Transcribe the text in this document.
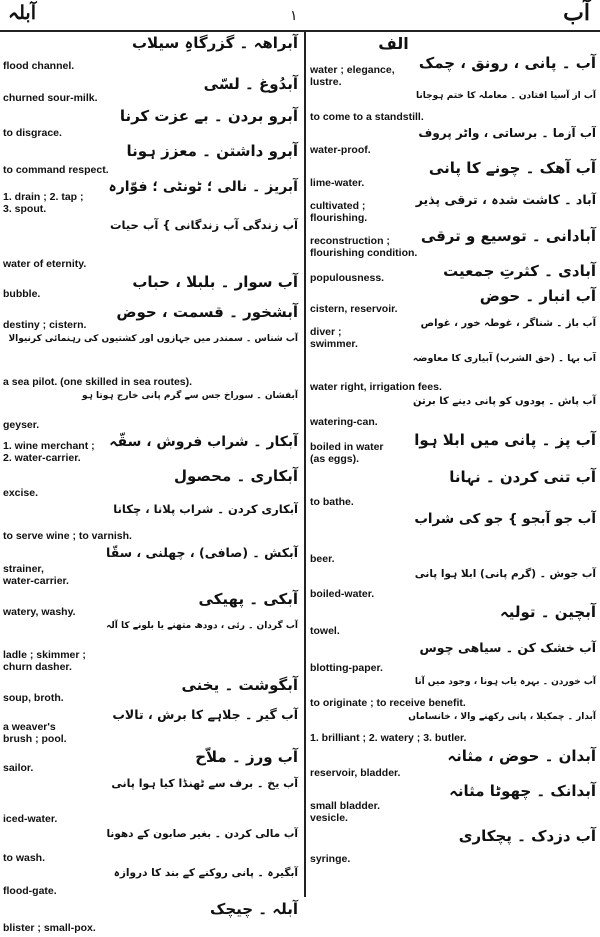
آبلہ	۱	آب
آبراھہ ۔ گزرگاہِ سیلاب
flood channel.
آبدُوغ ۔ لسّی
churned sour-milk.
آبرو بردن ۔ بے عزت کرنا
to disgrace.
آبرو داشتن ۔ معزز ہونا
to command respect.
آبریز ۔ نالی ؛ ٹونٹی ؛ فوّارہ
1. drain ; 2. tap ;
3. spout.
آب زندگی آب زندگانی } آب حیات
water of eternity.
آب سوار ۔ بلبلا ، حباب
bubble.
آبشخور ۔ قسمت ، حوض
destiny ; cistern.
آب شناس ۔ سمندر میں جہازوں اور کشتیوں کی رہنمائی کرنیوالا
a sea pilot. (one skilled in sea routes).
آبفشان ۔ سوراخ جس سے گرم پانی خارج ہوتا ہو
geyser.
آبکار ۔ شراب فروش ، سقّہ
1. wine merchant ;
2. water-carrier.
آبکاری ۔ محصول
excise.
آبکاری کردن ۔ شراب پلانا ، چکانا
to serve wine ; to varnish.
آبکش ۔ (صافی) ، چھلنی ، سقّا
strainer,
water-carrier.
آبکی ۔ پھیکی
watery, washy.
آب گردان ۔ رئی ، دودھ متھنے یا بلونے کا آلہ
ladle ; skimmer ;
churn dasher.
آبگوشت ۔ یخنی
soup, broth.
آب گیر ۔ جلاہے کا برش ، تالاب
a weaver's
brush ; pool.
آب ورز ۔ ملاّح
sailor.
آب یخ ۔ برف سے ٹھنڈا کیا ہوا پانی
iced-water.
آب مالی کردن ۔ بغیر صابون کے دھونا
to wash.
آبگیرہ ۔ پانی روکنے کے بند کا دروازہ
flood-gate.
آبلہ ۔ چیچک
blister ; small-pox.
الف
آب ۔ پانی ، رونق ، چمک
water ; elegance,
lustre.
آب از آسیا افتادن ۔ معاملہ کا ختم ہوجانا
to come to a standstill.
آب آزما ۔ برساتی ، واٹر پروف
water-proof.
آب آھک ۔ چونے کا پانی
lime-water.
آباد ۔ کاشت شدہ ، ترقی پذیر
cultivated ;
flourishing.
آبادانی ۔ توسیع و ترقی
reconstruction ;
flourishing condition.
آبادی ۔ کثرتِ جمعیت
populousness.
آب انبار ۔ حوض
cistern, reservoir.
آب باز ۔ شناگر ، غوطہ خور ، غواص
diver ;
swimmer.
آب بہا ۔ (حق الشرب) آبیاری کا معاوضہ
water right, irrigation fees.
آب پاش ۔ پودوں کو پانی دینے کا برتن
watering-can.
آب پز ۔ پانی میں ابلا ہوا
boiled in water
(as eggs).
آب تنی کردن ۔ نہانا
to bathe.
آب جو آبجو } جو کی شراب
beer.
آب جوش ۔ (گرم پانی) ابلا ہوا پانی
boiled-water.
آبچین ۔ تولیہ
towel.
آب خشک کن ۔ سیاھی چوس
blotting-paper.
آب خوردن ۔ بہرہ یاب ہونا ، وجود میں آنا
to originate ; to receive benefit.
آبدار ۔ چمکیلا ، پانی رکھنے والا ، خانساماں
1. brilliant ; 2. watery ; 3. butler.
آبدان ۔ حوض ، مثانہ
reservoir, bladder.
آبدانک ۔ چھوٹا مثانہ
small bladder.
vesicle.
آب دزدک ۔ پچکاری
syringe.
